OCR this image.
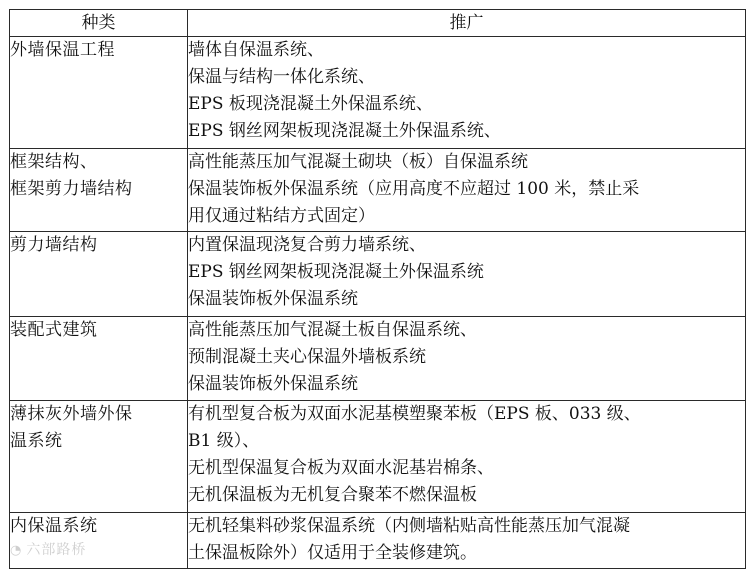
种类	推广

外墙保温工程	墙体自保温系统、
保温与结构一体化系统、
EPS 板现浇混凝土外保温系统、
EPS 钢丝网架板现浇混凝土外保温系统、

框架结构、
框架剪力墙结构	高性能蒸压加气混凝土砌块（板）自保温系统
保温装饰板外保温系统（应用高度不应超过 100 米，禁止采
用仅通过粘结方式固定）

剪力墙结构	内置保温现浇复合剪力墙系统、
EPS 钢丝网架板现浇混凝土外保温系统
保温装饰板外保温系统

装配式建筑	高性能蒸压加气混凝土板自保温系统、
预制混凝土夹心保温外墙板系统
保温装饰板外保温系统

薄抹灰外墙外保
温系统	有机型复合板为双面水泥基模塑聚苯板（EPS 板、033 级、
B1 级）、
无机型保温复合板为双面水泥基岩棉条、
无机保温板为无机复合聚苯不燃保温板

内保温系统	无机轻集料砂浆保温系统（内侧墙粘贴高性能蒸压加气混凝
土保温板除外）仅适用于全装修建筑。
◔ 六部路桥
